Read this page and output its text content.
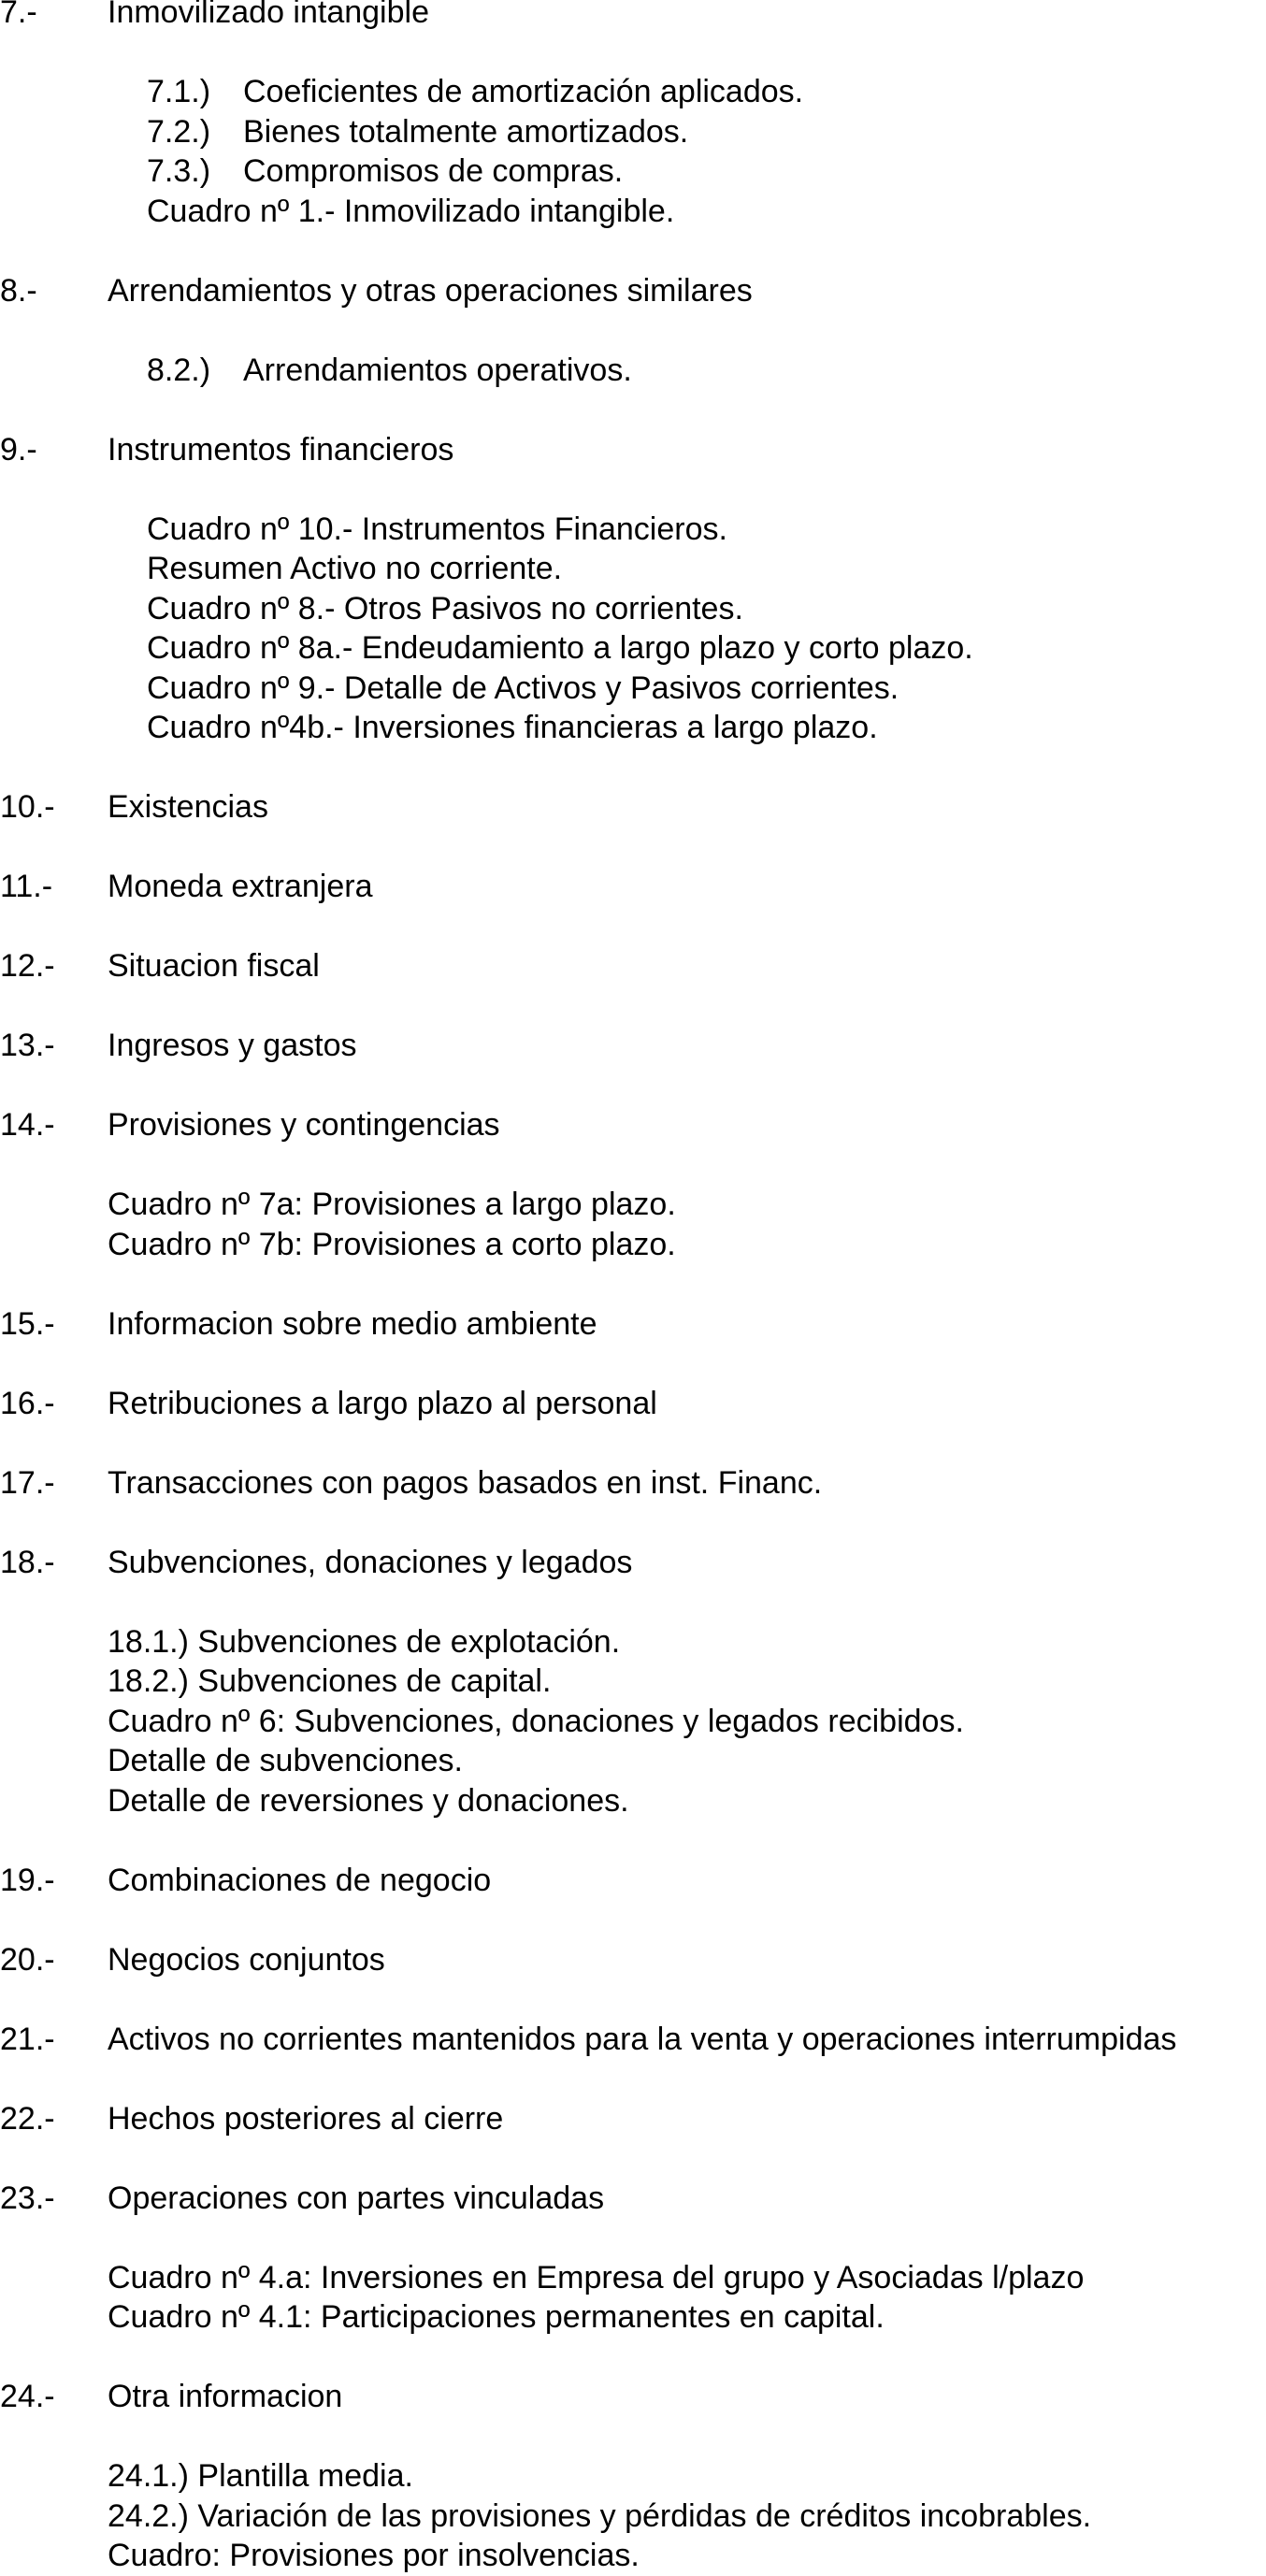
7.-	Inmovilizado intangible
7.1.) Coeficientes de amortización aplicados.
7.2.) Bienes totalmente amortizados.
7.3.) Compromisos de compras.
Cuadro nº 1.- Inmovilizado intangible.
8.-	Arrendamientos y otras operaciones similares
8.2.) Arrendamientos operativos.
9.-	Instrumentos financieros
Cuadro nº 10.- Instrumentos Financieros.
Resumen Activo no corriente.
Cuadro nº 8.- Otros Pasivos no corrientes.
Cuadro nº 8a.- Endeudamiento a largo plazo y corto plazo.
Cuadro nº 9.- Detalle de Activos y Pasivos corrientes.
Cuadro nº4b.- Inversiones financieras a largo plazo.
10.-	Existencias
11.-	Moneda extranjera
12.-	Situacion fiscal
13.-	Ingresos y gastos
14.-	Provisiones y contingencias
Cuadro nº 7a: Provisiones a largo plazo.
Cuadro nº 7b: Provisiones a corto plazo.
15.-	Informacion sobre medio ambiente
16.-	Retribuciones a largo plazo al personal
17.-	Transacciones con pagos basados en inst. Financ.
18.-	Subvenciones, donaciones y legados
18.1.) Subvenciones de explotación.
18.2.) Subvenciones de capital.
Cuadro nº 6: Subvenciones, donaciones y legados recibidos.
Detalle de subvenciones.
Detalle de reversiones y donaciones.
19.-	Combinaciones de negocio
20.-	Negocios conjuntos
21.-	Activos no corrientes mantenidos para la venta y operaciones interrumpidas
22.-	Hechos posteriores al cierre
23.-	Operaciones con partes vinculadas
Cuadro nº 4.a: Inversiones en Empresa del grupo y Asociadas l/plazo
Cuadro nº 4.1: Participaciones permanentes en capital.
24.-	Otra informacion
24.1.) Plantilla media.
24.2.) Variación de las provisiones y pérdidas de créditos incobrables.
Cuadro: Provisiones por insolvencias.
